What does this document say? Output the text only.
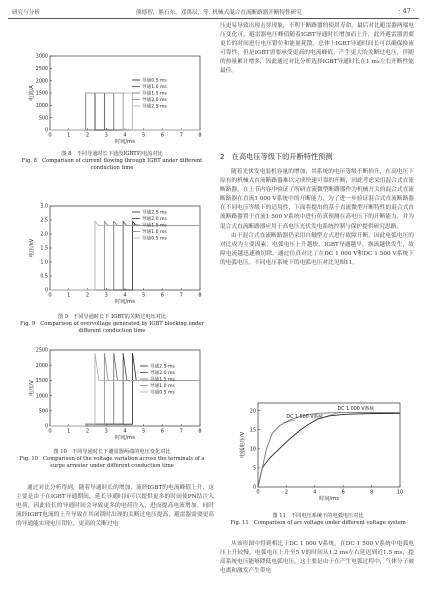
研究与分析	熊德智，熊石东，邓禹辰，等. 机械式混合直流断路器开断特性研究	· 47 ·
0	1	2	3	4	5	6	7	8
0
500
1000
1500
2000
2500
3000
时间/ms
电流/A
导通0.5 ms
导通1.0 ms
导通1.5 ms
导通2.0 ms
导通2.5 ms
图 8　不同导通时长下通没IGBT的电流对比
Fig. 8　Comparison of current flowing through IGBT under different conduction time
0	1	2	3	4	5	6	7	8
0
0.5
1.0
1.5
2.0
2.5
3.0
时间/ms
电压/kV
导通2.5 ms
导通2.0 ms
导通1.5 ms
导通1.0 ms
导通0.5 ms
图 9　不同导通时长下 IGBT的关断过电压对比
Fig. 9　Comparison of overvoltage generated by IGBT blocking under different conduction time
0	1	2	3	4	5	6	7	8
0
500
1000
1500
2000
2500
时间/ms
电压/V
导通2.5 ms
导通2.0 ms
导通1.5 ms
导通1.0 ms
导通0.5 ms
图 10　不同导通时长下避雷器两端的电压变化对比
Fig. 10　Comparison of the voltage variation across the terminals of a surge arrester under different conduction time

通过对比分析得到，随着导通时长的增加，流经IGBT的电流峰值上升，这主要是由于在IGBT导通期间，延长导通时间可以提供更多的时间使PN结注入电荷，因此较长的导通时间会导致更多的电荷注入，进而提高电流增加。同时流经IGBT电流的上升导致在其闭锁时出现的关断过电压提高，避雷器需要更高的导通能实现电压钳位，更高的关断过电

压更易导致出现击穿现象，不利于断路器的使用寿命。最后对比避雷器两端电压变化可，避雷器电压峰值随着IGBT导通时长增加而上升，此外避雷器需要更长的时间进行电压钳位和能量耗散。总体上IGBT导通时间长可以确保换流可靠性，但是IGBT需要承受更高的电流峰值，产生更大的关断过电压，伴随的热量累计增多，因此通过对比分析选择IGBT导通时长在1 ms左右开断性能最佳。

2　在高电压等级下的开断特性预测

随着光伏发电装机容量的增加，其系统的电压等级不断抬升，在高电压下原有的机械式直流断路器难以完成快速可靠的开断，因此考虑采用混合式直流断路器。在上节内容中验证了所研直流微型断路器作为机械开关的混合式直流断路器在直流1 000 V系统中的开断能力，为了进一步验证混合式直流断路器在不同电压等级下的适用性，下面将提出的基于直流微型开断特性的混合式直流断路器置于直流1 500 V系统中进行仿真预测在高电压下的开断能力，并为混合式直流断路器应用于高电压光伏发电系统控制与保护提供研究思路。

由于混合式直流断路器仍采用自触型方式进行故障开断，因此电弧电压的对比成为主要因素，电弧电压上升越快，IGBT导通越早，换流越快发生，故障电流越迅速被切除。通过仿真对比了在DC 1 000 V和DC 1 500 V系统下的电弧电压。不同电压系统下的电弧电压对比见图11。

0	2	4	6	8	10
0
5
10
15
20
时间/ms
电弧电压/V
DC 1 000 V系统
DC 1 500 V系统
图 11　不同电压系统下的电弧电压对比
Fig. 11　Comparison of arc voltage under different voltage system

从该形图中得到相比于DC 1 000 V系统，在DC 1 500 V系统中电弧电压上升较慢，电弧电压上升至5 V的时间从1.2 ms左右延迟到近1.5 ms，提高系统电压能够降低电弧电压，这主要是由于在产生电弧过程中，气体分子被电离和激发产生带电
